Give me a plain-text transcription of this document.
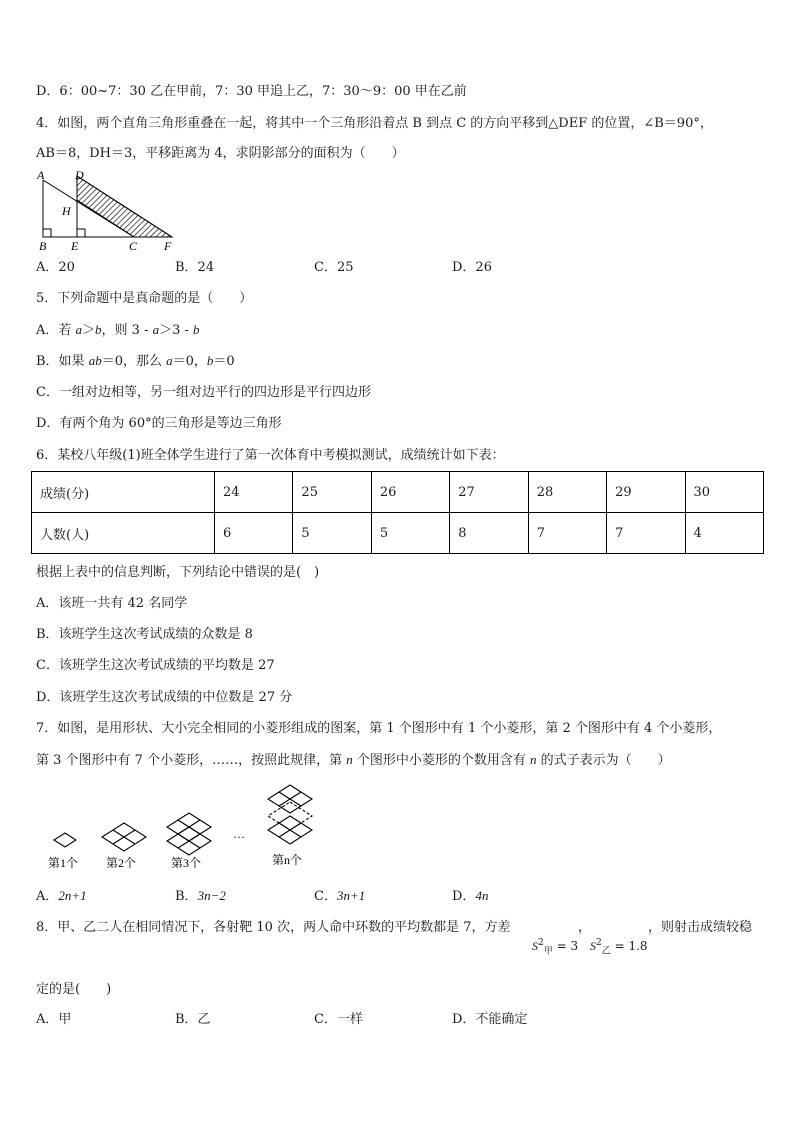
D．6：00~7：30 乙在甲前，7：30 甲追上乙，7：30～9：00 甲在乙前
4．如图，两个直角三角形重叠在一起，将其中一个三角形沿着点 B 到点 C 的方向平移到△DEF 的位置，∠B＝90°，
AB＝8，DH＝3，平移距离为 4，求阴影部分的面积为（　　）
A	D
H
B E	C F
A．20	B．24	C．25	D．26
5．下列命题中是真命题的是（　　）
A．若 a＞b，则 3 - a＞3 - b
B．如果 ab＝0，那么 a＝0，b＝0
C．一组对边相等，另一组对边平行的四边形是平行四边形
D．有两个角为 60°的三角形是等边三角形
6．某校八年级(1)班全体学生进行了第一次体育中考模拟测试，成绩统计如下表：
成绩(分)	24	25	26	27	28	29	30
人数(人)	6	5	5	8	7	7	4
根据上表中的信息判断，下列结论中错误的是(　)
A．该班一共有 42 名同学
B．该班学生这次考试成绩的众数是 8
C．该班学生这次考试成绩的平均数是 27
D．该班学生这次考试成绩的中位数是 27 分
7．如图，是用形状、大小完全相同的小菱形组成的图案，第 1 个图形中有 1 个小菱形，第 2 个图形中有 4 个小菱形，
第 3 个图形中有 7 个小菱形，……，按照此规律，第 n 个图形中小菱形的个数用含有 n 的式子表示为（　　）
…
第1个 第2个	第3个	第n个
A．2n+1	B．3n−2	C．3n+1	D．4n
8．甲、乙二人在相同情况下，各射靶 10 次，两人命中环数的平均数都是 7，方差	，	，则射击成绩较稳
$S^2_甲 = 3$ $S^2_乙 = 1.8$
定的是(　　)
A．甲	B．乙	C．一样	D．不能确定
